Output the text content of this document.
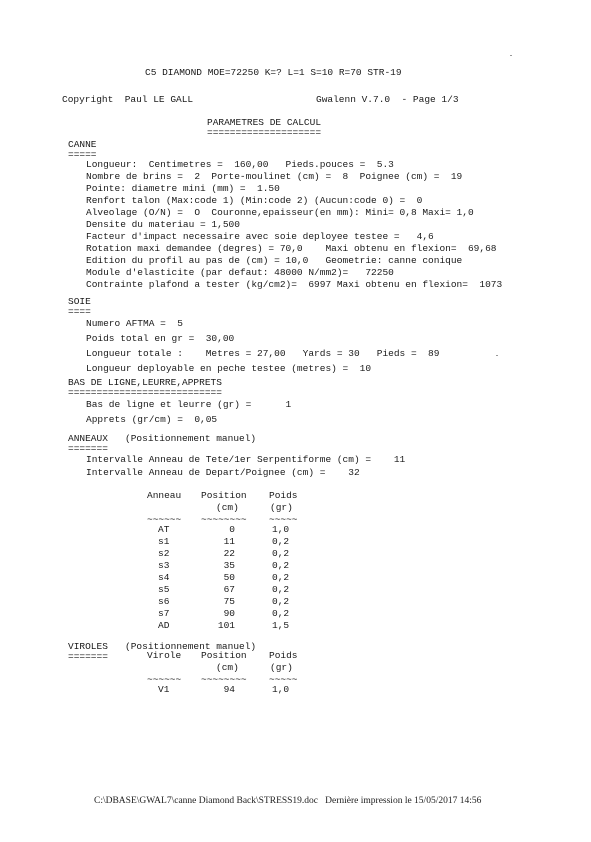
C5 DIAMOND MOE=72250 K=? L=1 S=10 R=70 STR-19
Copyright  Paul LE GALL	Gwalenn V.7.0  - Page 1/3
PARAMETRES DE CALCUL
====================
CANNE
=====
Longueur:  Centimetres =  160,00   Pieds.pouces =  5.3
Nombre de brins =  2  Porte-moulinet (cm) =  8  Poignee (cm) =  19
Pointe: diametre mini (mm) =  1.50
Renfort talon (Max:code 1) (Min:code 2) (Aucun:code 0) =  0
Alveolage (O/N) =  O  Couronne,epaisseur(en mm): Mini= 0,8 Maxi= 1,0
Densite du materiau = 1,500
Facteur d'impact necessaire avec soie deployee testee =   4,6
Rotation maxi demandee (degres) = 70,0    Maxi obtenu en flexion=  69,68
Edition du profil au pas de (cm) = 10,0   Geometrie: canne conique
Module d'elasticite (par defaut: 48000 N/mm2)=   72250
Contrainte plafond a tester (kg/cm2)=  6997 Maxi obtenu en flexion=  1073
SOIE
====
Numero AFTMA =  5
Poids total en gr =  30,00
Longueur totale :    Metres = 27,00   Yards = 30   Pieds =  89
Longueur deployable en peche testee (metres) =  10
BAS DE LIGNE,LEURRE,APPRETS
===========================
Bas de ligne et leurre (gr) =      1
Apprets (gr/cm) =  0,05
ANNEAUX   (Positionnement manuel)
=======
Intervalle Anneau de Tete/1er Serpentiforme (cm) =    11
Intervalle Anneau de Depart/Poignee (cm) =    32
Anneau Position Poids
(cm)	(gr)
~~~~~~ ~~~~~~~~ ~~~~~
AT	0	1,0
s1	11	0,2
s2	22	0,2
s3	35	0,2
s4	50	0,2
s5	67	0,2
s6	75	0,2
s7	90	0,2
AD	101	1,5
VIROLES   (Positionnement manuel)
=======	Virole Position Poids
(cm)	(gr)
~~~~~~ ~~~~~~~~ ~~~~~
V1	94	1,0
C:\DBASE\GWAL7\canne Diamond Back\STRESS19.doc   Dernière impression le 15/05/2017 14:56
